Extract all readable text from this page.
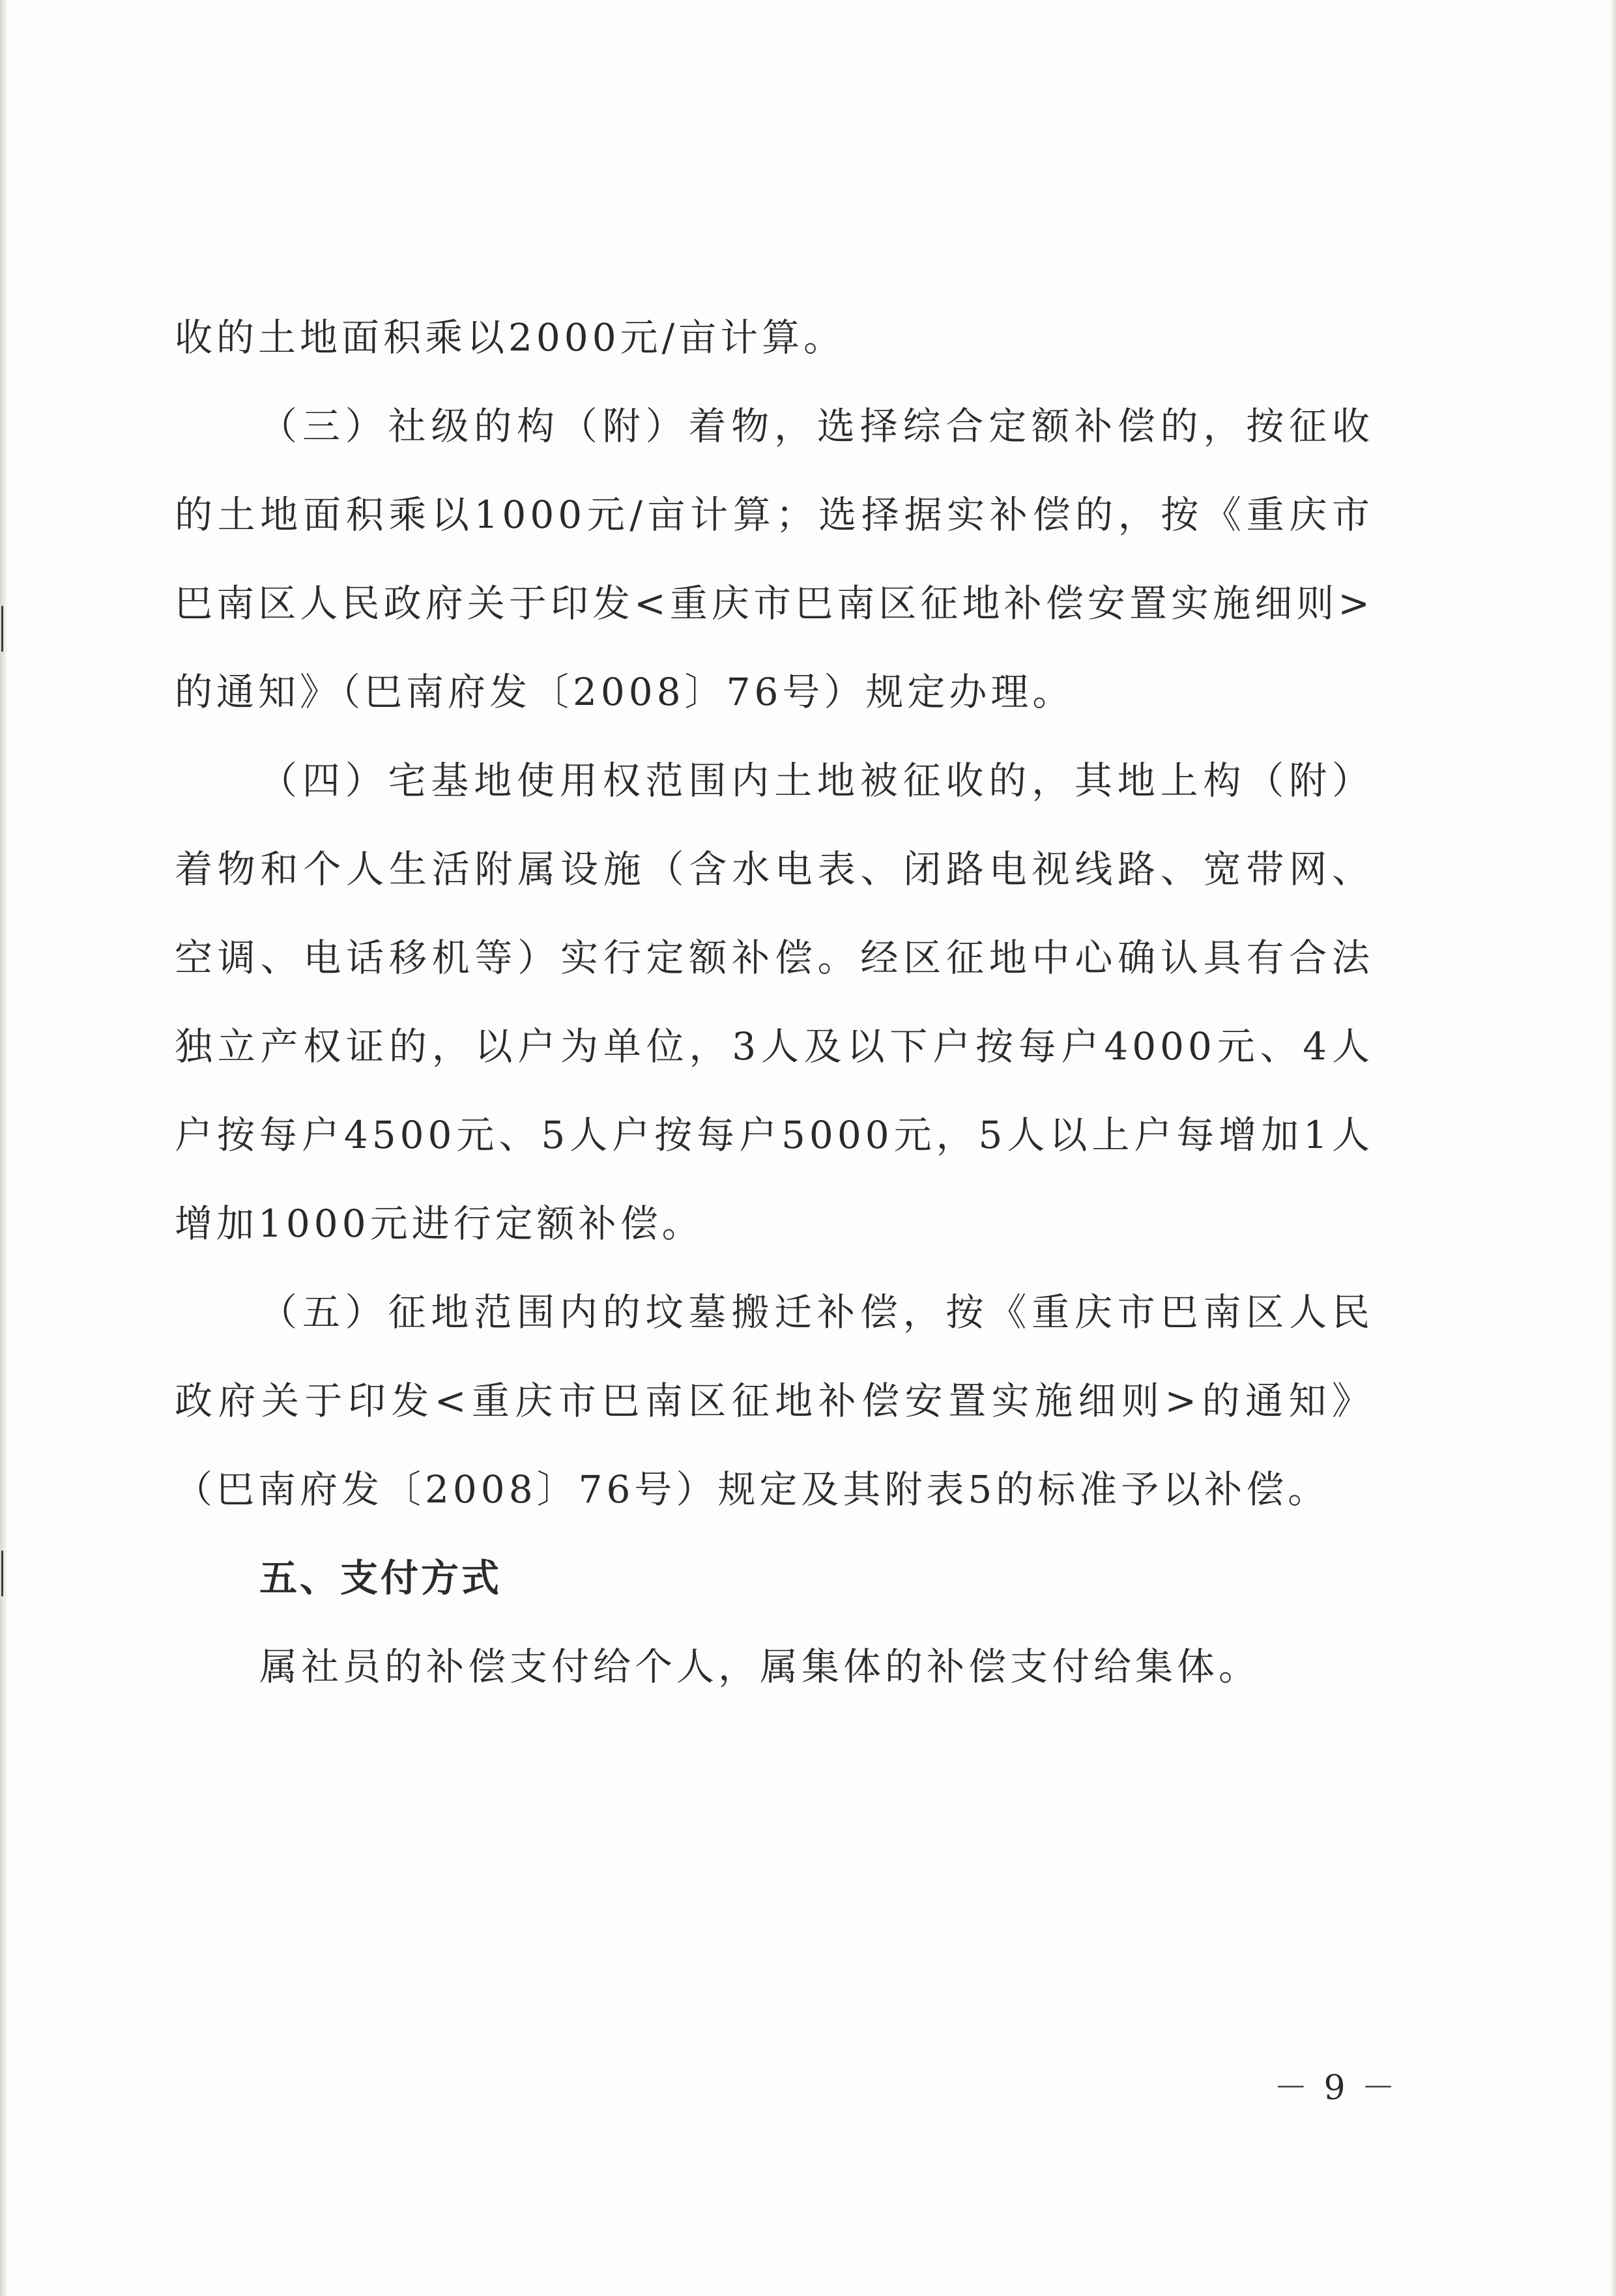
收的土地面积乘以2000元/亩计算。

（三）社级的构（附）着物，选择综合定额补偿的，按征收的土地面积乘以1000元/亩计算；选择据实补偿的，按《重庆市巴南区人民政府关于印发<重庆市巴南区征地补偿安置实施细则>的通知》（巴南府发〔2008〕76号）规定办理。

（四）宅基地使用权范围内土地被征收的，其地上构（附）着物和个人生活附属设施（含水电表、闭路电视线路、宽带网、空调、电话移机等）实行定额补偿。经区征地中心确认具有合法独立产权证的，以户为单位，3人及以下户按每户4000元、4人户按每户4500元、5人户按每户5000元，5人以上户每增加1人增加1000元进行定额补偿。

（五）征地范围内的坟墓搬迁补偿，按《重庆市巴南区人民政府关于印发<重庆市巴南区征地补偿安置实施细则>的通知》（巴南府发〔2008〕76号）规定及其附表5的标准予以补偿。

五、支付方式

属社员的补偿支付给个人，属集体的补偿支付给集体。

－ 9 －
